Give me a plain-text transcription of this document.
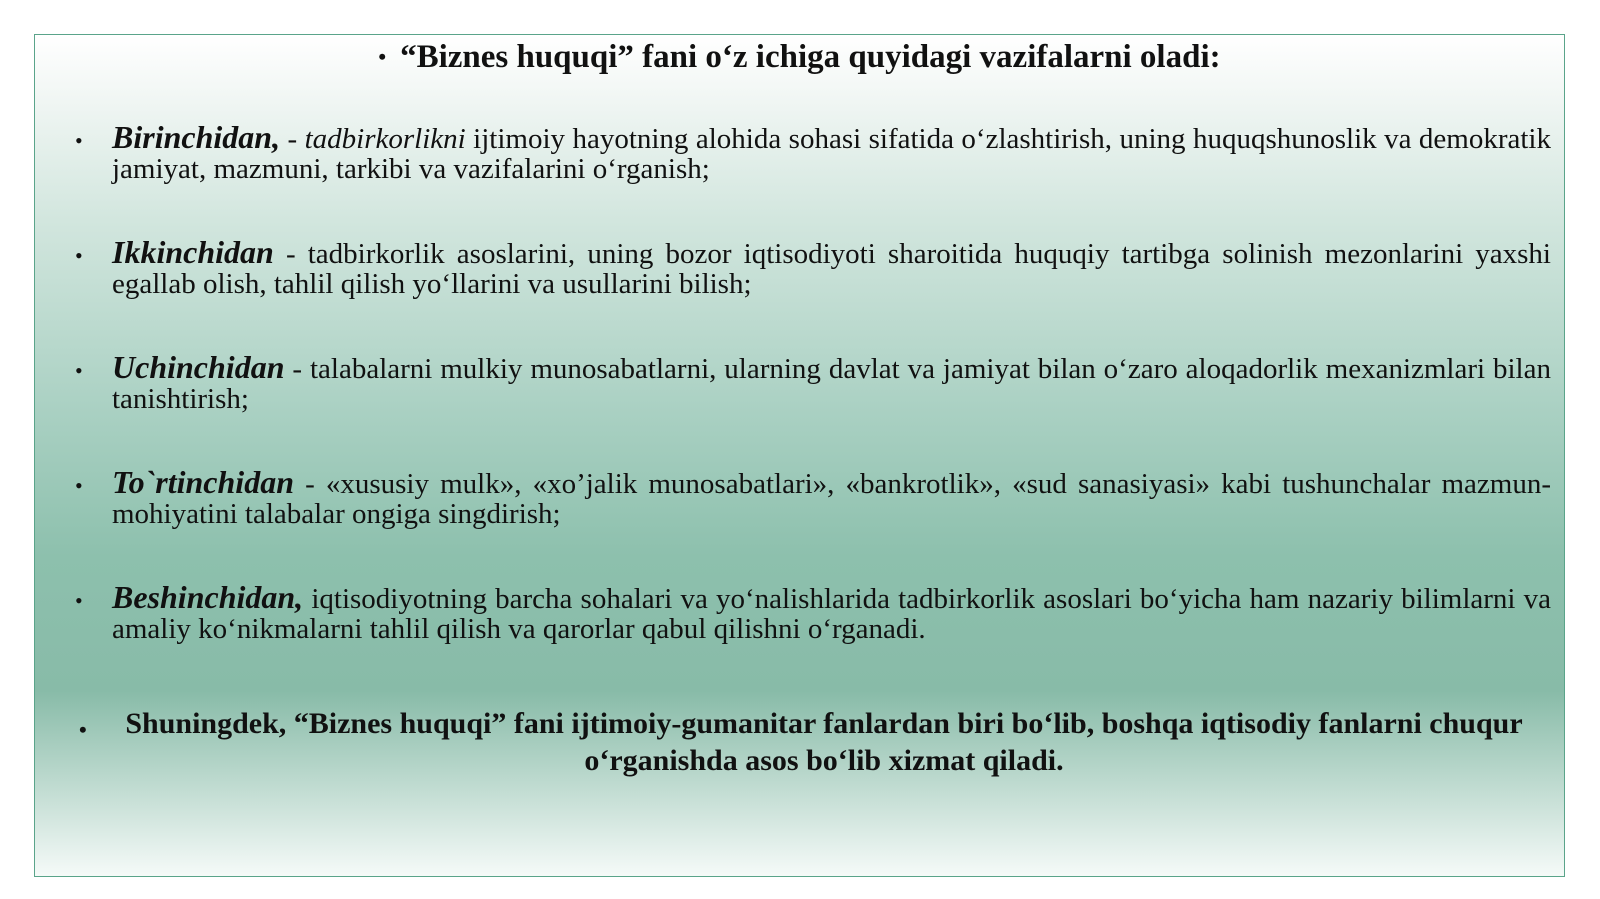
• “Biznes huquqi” fani o‘z ichiga quyidagi vazifalarni oladi:
• Birinchidan, - tadbirkorlikni ijtimoiy hayotning alohida sohasi sifatida o‘zlashtirish, uning huquqshunoslik va demokratik jamiyat, mazmuni, tarkibi va vazifalarini o‘rganish;
• Ikkinchidan - tadbirkorlik asoslarini, uning bozor iqtisodiyoti sharoitida huquqiy tartibga solinish mezonlarini yaxshi egallab olish, tahlil qilish yo‘llarini va usullarini bilish;
• Uchinchidan - talabalarni mulkiy munosabatlarni, ularning davlat va jamiyat bilan o‘zaro aloqadorlik mexanizmlari bilan tanishtirish;
• To`rtinchidan - «xususiy mulk», «xo’jalik munosabatlari», «bankrotlik», «sud sanasiyasi» kabi tushunchalar mazmun-mohiyatini talabalar ongiga singdirish;
• Beshinchidan, iqtisodiyotning barcha sohalari va yo‘nalishlarida tadbirkorlik asoslari bo‘yicha ham nazariy bilimlarni va amaliy ko‘nikmalarni tahlil qilish va qarorlar qabul qilishni o‘rganadi.
•	Shuningdek, “Biznes huquqi” fani ijtimoiy-gumanitar fanlardan biri bo‘lib, boshqa iqtisodiy fanlarni chuqur o‘rganishda asos bo‘lib xizmat qiladi.
